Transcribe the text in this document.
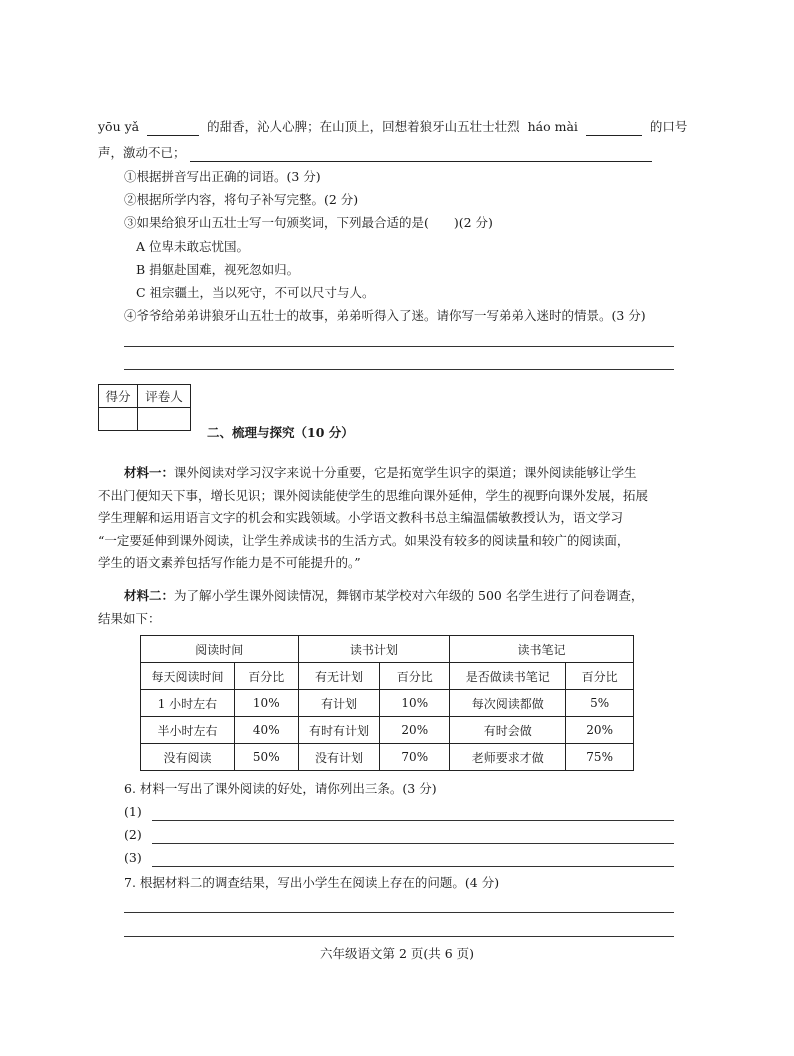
yōu yǎ	的甜香，沁人心脾；在山顶上，回想着狼牙山五壮士壮烈 háo mài	的口号
声，激动不已；
①根据拼音写出正确的词语。(3 分)
②根据所学内容，将句子补写完整。(2 分)
③如果给狼牙山五壮士写一句颁奖词，下列最合适的是(　　)(2 分)
A 位卑未敢忘忧国。
B 捐躯赴国难，视死忽如归。
C 祖宗疆土，当以死守，不可以尺寸与人。
④爷爷给弟弟讲狼牙山五壮士的故事，弟弟听得入了迷。请你写一写弟弟入迷时的情景。(3 分)
得分	评卷人

二、梳理与探究（10 分）
材料一：课外阅读对学习汉字来说十分重要，它是拓宽学生识字的渠道；课外阅读能够让学生
不出门便知天下事，增长见识；课外阅读能使学生的思维向课外延伸，学生的视野向课外发展，拓展
学生理解和运用语言文字的机会和实践领域。小学语文教科书总主编温儒敏教授认为，语文学习
“一定要延伸到课外阅读，让学生养成读书的生活方式。如果没有较多的阅读量和较广的阅读面，
学生的语文素养包括写作能力是不可能提升的。”
材料二：为了解小学生课外阅读情况，舞钢市某学校对六年级的 500 名学生进行了问卷调查，
结果如下：
阅读时间		读书计划		读书笔记	
每天阅读时间	百分比	有无计划	百分比	是否做读书笔记	百分比
1 小时左右	10%	有计划	10%	每次阅读都做	5%
半小时左右	40%	有时有计划	20%	有时会做	20%
没有阅读	50%	没有计划	70%	老师要求才做	75%
6. 材料一写出了课外阅读的好处，请你列出三条。(3 分)
(1)
(2)
(3)
7. 根据材料二的调查结果，写出小学生在阅读上存在的问题。(4 分)
六年级语文第 2 页(共 6 页)
